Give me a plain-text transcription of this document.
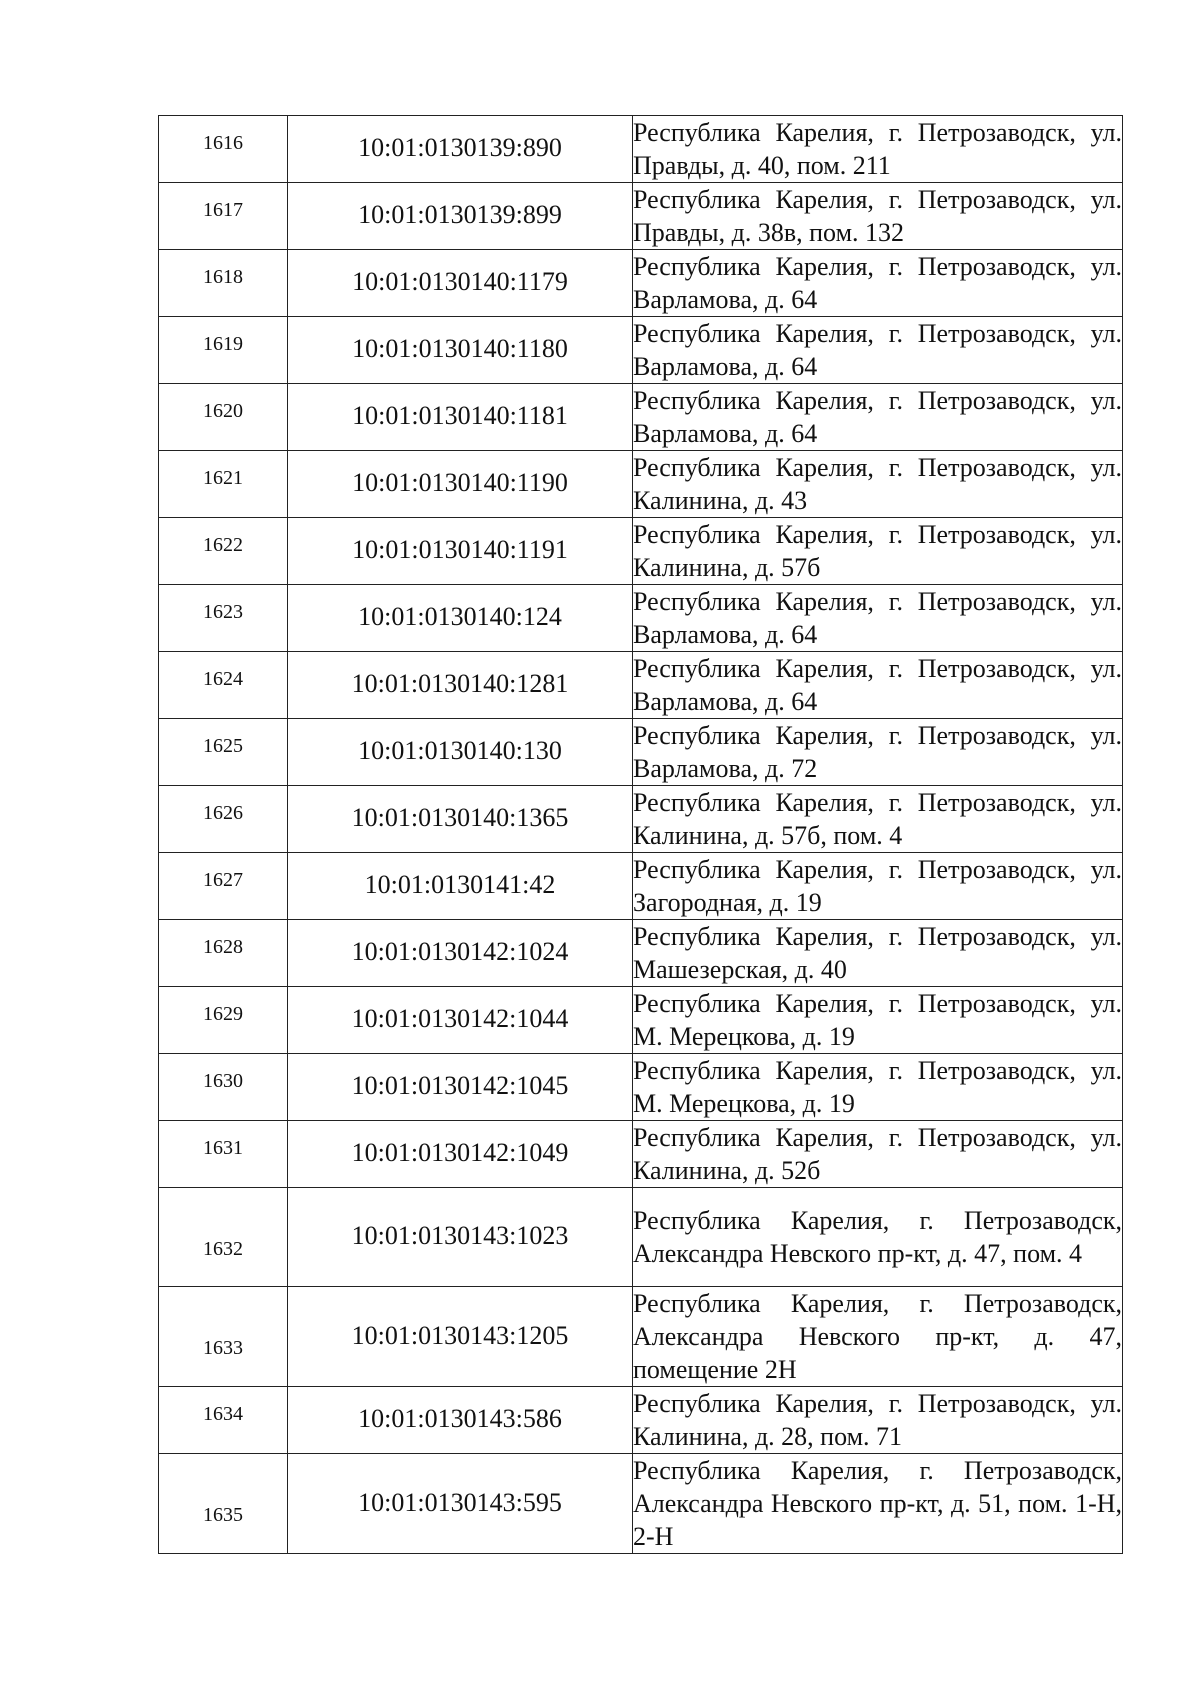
1616	10:01:0130139:890	Республика Карелия, г. Петрозаводск, ул. Правды, д. 40, пом. 211
1617	10:01:0130139:899	Республика Карелия, г. Петрозаводск, ул. Правды, д. 38в, пом. 132
1618	10:01:0130140:1179	Республика Карелия, г. Петрозаводск, ул. Варламова, д. 64
1619	10:01:0130140:1180	Республика Карелия, г. Петрозаводск, ул. Варламова, д. 64
1620	10:01:0130140:1181	Республика Карелия, г. Петрозаводск, ул. Варламова, д. 64
1621	10:01:0130140:1190	Республика Карелия, г. Петрозаводск, ул. Калинина, д. 43
1622	10:01:0130140:1191	Республика Карелия, г. Петрозаводск, ул. Калинина, д. 57б
1623	10:01:0130140:124	Республика Карелия, г. Петрозаводск, ул. Варламова, д. 64
1624	10:01:0130140:1281	Республика Карелия, г. Петрозаводск, ул. Варламова, д. 64
1625	10:01:0130140:130	Республика Карелия, г. Петрозаводск, ул. Варламова, д. 72
1626	10:01:0130140:1365	Республика Карелия, г. Петрозаводск, ул. Калинина, д. 57б, пом. 4
1627	10:01:0130141:42	Республика Карелия, г. Петрозаводск, ул. Загородная, д. 19
1628	10:01:0130142:1024	Республика Карелия, г. Петрозаводск, ул. Машезерская, д. 40
1629	10:01:0130142:1044	Республика Карелия, г. Петрозаводск, ул. М. Мерецкова, д. 19
1630	10:01:0130142:1045	Республика Карелия, г. Петрозаводск, ул. М. Мерецкова, д. 19
1631	10:01:0130142:1049	Республика Карелия, г. Петрозаводск, ул. Калинина, д. 52б
1632	10:01:0130143:1023	Республика Карелия, г. Петрозаводск, Александра Невского пр-кт, д. 47, пом. 4
1633	10:01:0130143:1205	Республика Карелия, г. Петрозаводск, Александра Невского пр-кт, д. 47, помещение 2Н
1634	10:01:0130143:586	Республика Карелия, г. Петрозаводск, ул. Калинина, д. 28, пом. 71
1635	10:01:0130143:595	Республика Карелия, г. Петрозаводск, Александра Невского пр-кт, д. 51, пом. 1-Н, 2-Н
